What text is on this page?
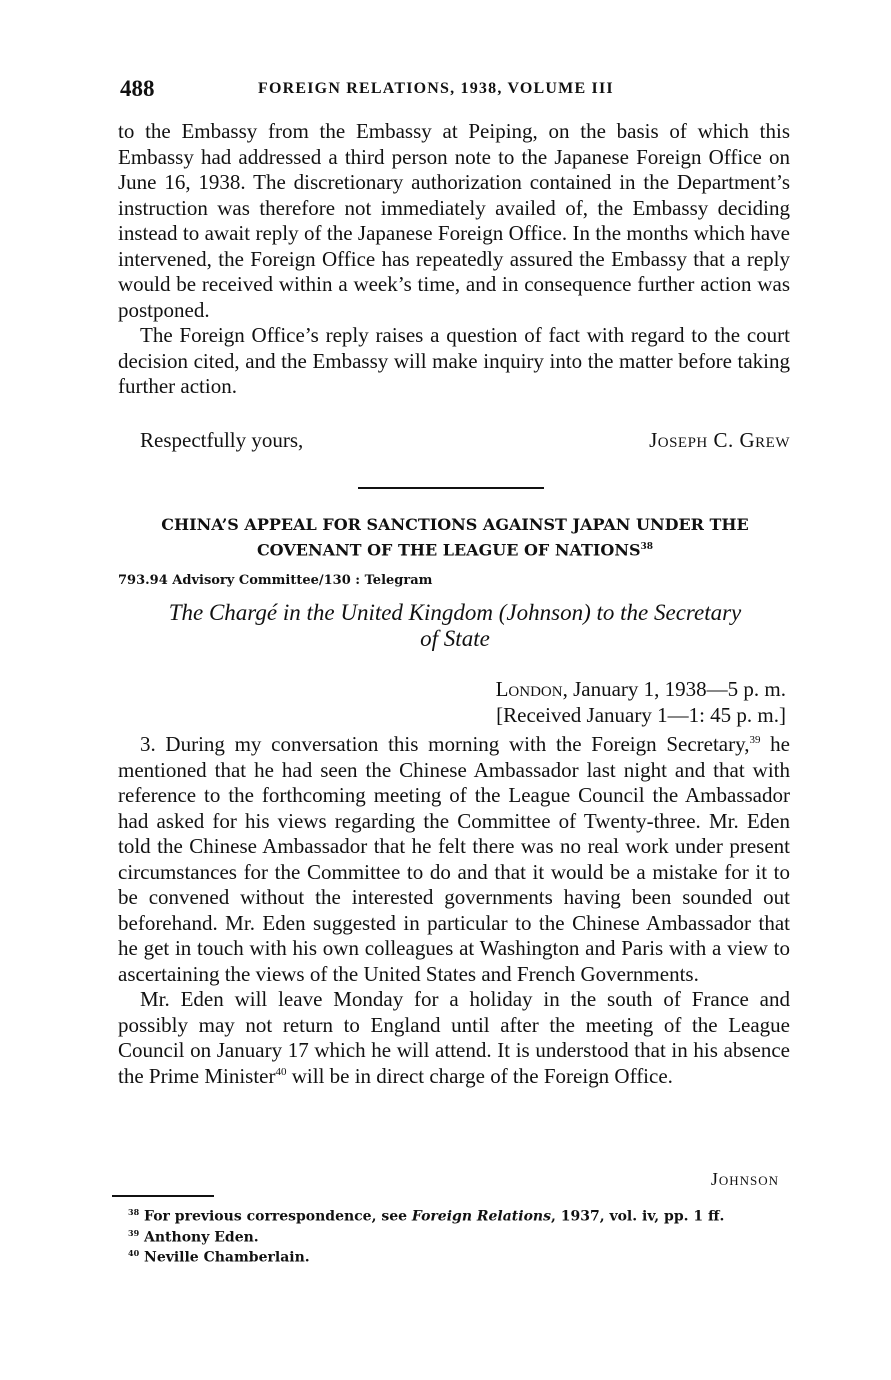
488	FOREIGN RELATIONS, 1938, VOLUME III

to the Embassy from the Embassy at Peiping, on the basis of which this Embassy had addressed a third person note to the Japanese Foreign Office on June 16, 1938. The discretionary authorization contained in the Department’s instruction was therefore not immediately availed of, the Embassy deciding instead to await reply of the Japanese Foreign Office. In the months which have intervened, the Foreign Office has repeatedly assured the Embassy that a reply would be received within a week’s time, and in consequence further action was postponed.

The Foreign Office’s reply raises a question of fact with regard to the court decision cited, and the Embassy will make inquiry into the matter before taking further action.

Respectfully yours,	Joseph C. Grew
CHINA’S APPEAL FOR SANCTIONS AGAINST JAPAN UNDER THE
COVENANT OF THE LEAGUE OF NATIONS$^{38}$
793.94 Advisory Committee/130 : Telegram
The Chargé in the United Kingdom (Johnson) to the Secretary
of State
London, January 1, 1938—5 p. m.
[Received January 1—1: 45 p. m.]

3. During my conversation this morning with the Foreign Secretary,$^{39}$ he mentioned that he had seen the Chinese Ambassador last night and that with reference to the forthcoming meeting of the League Council the Ambassador had asked for his views regarding the Committee of Twenty-three. Mr. Eden told the Chinese Ambassador that he felt there was no real work under present circumstances for the Committee to do and that it would be a mistake for it to be convened without the interested governments having been sounded out beforehand. Mr. Eden suggested in particular to the Chinese Ambassador that he get in touch with his own colleagues at Washington and Paris with a view to ascertaining the views of the United States and French Governments.

Mr. Eden will leave Monday for a holiday in the south of France and possibly may not return to England until after the meeting of the League Council on January 17 which he will attend. It is understood that in his absence the Prime Minister$^{40}$ will be in direct charge of the Foreign Office.

Johnson
$^{38}$ For previous correspondence, see Foreign Relations, 1937, vol. iv, pp. 1 ff.
$^{39}$ Anthony Eden.
$^{40}$ Neville Chamberlain.
